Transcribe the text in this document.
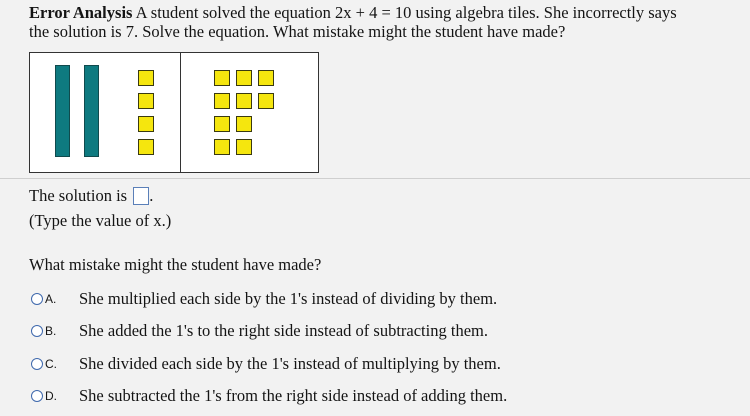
Error Analysis A student solved the equation 2x + 4 = 10 using algebra tiles. She incorrectly says
the solution is 7. Solve the equation. What mistake might the student have made?
The solution is .
(Type the value of x.)
What mistake might the student have made?
A.	She multiplied each side by the 1's instead of dividing by them.
B.	She added the 1's to the right side instead of subtracting them.
C.	She divided each side by the 1's instead of multiplying by them.
D.	She subtracted the 1's from the right side instead of adding them.
